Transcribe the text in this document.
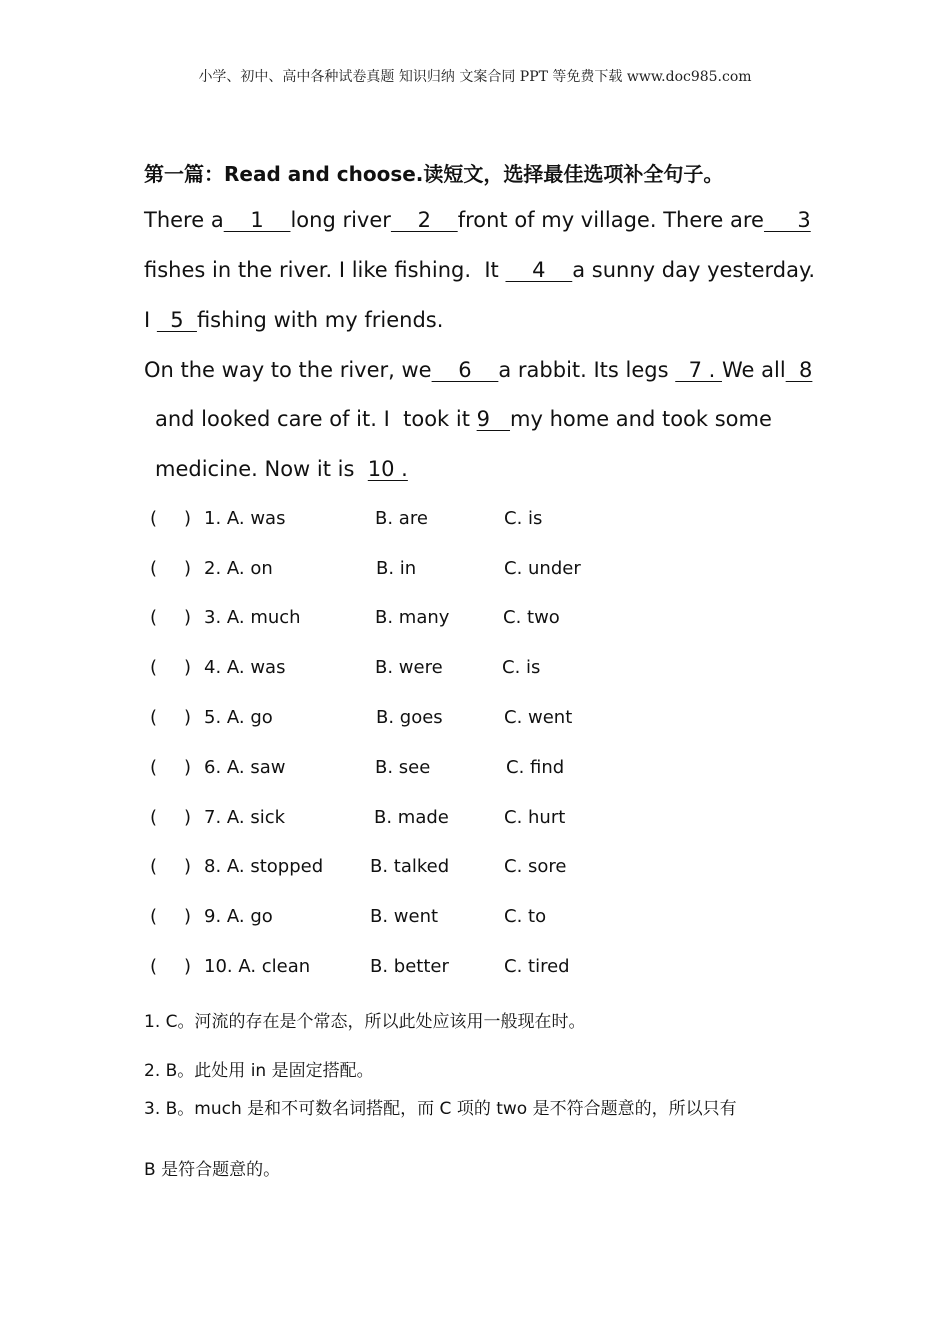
小学、初中、高中各种试卷真题 知识归纳 文案合同 PPT 等免费下载 www.doc985.com
第一篇：Read and choose.读短文，选择最佳选项补全句子。
There a    1    long river    2    front of my village. There are     3
fishes in the river. I like fishing.  It     4    a sunny day yesterday.
I   5  fishing with my friends.
On the way to the river, we    6    a rabbit. Its legs   7 . We all  8
and looked care of it. I  took it 9   my home and took some
medicine. Now it is  10 .
( ) 1. A. was	B. are	C. is
( ) 2. A. on	B. in	C. under
( ) 3. A. much	B. many	C. two
( ) 4. A. was	B. were	C. is
( ) 5. A. go	B. goes	C. went
( ) 6. A. saw	B. see	C. find
( ) 7. A. sick	B. made	C. hurt
( ) 8. A. stopped	B. talked	C. sore
( ) 9. A. go	B. went	C. to
( ) 10. A. clean	B. better	C. tired
1. C。河流的存在是个常态，所以此处应该用一般现在时。
2. B。此处用 in 是固定搭配。
3. B。much 是和不可数名词搭配，而 C 项的 two 是不符合题意的，所以只有
B 是符合题意的。
